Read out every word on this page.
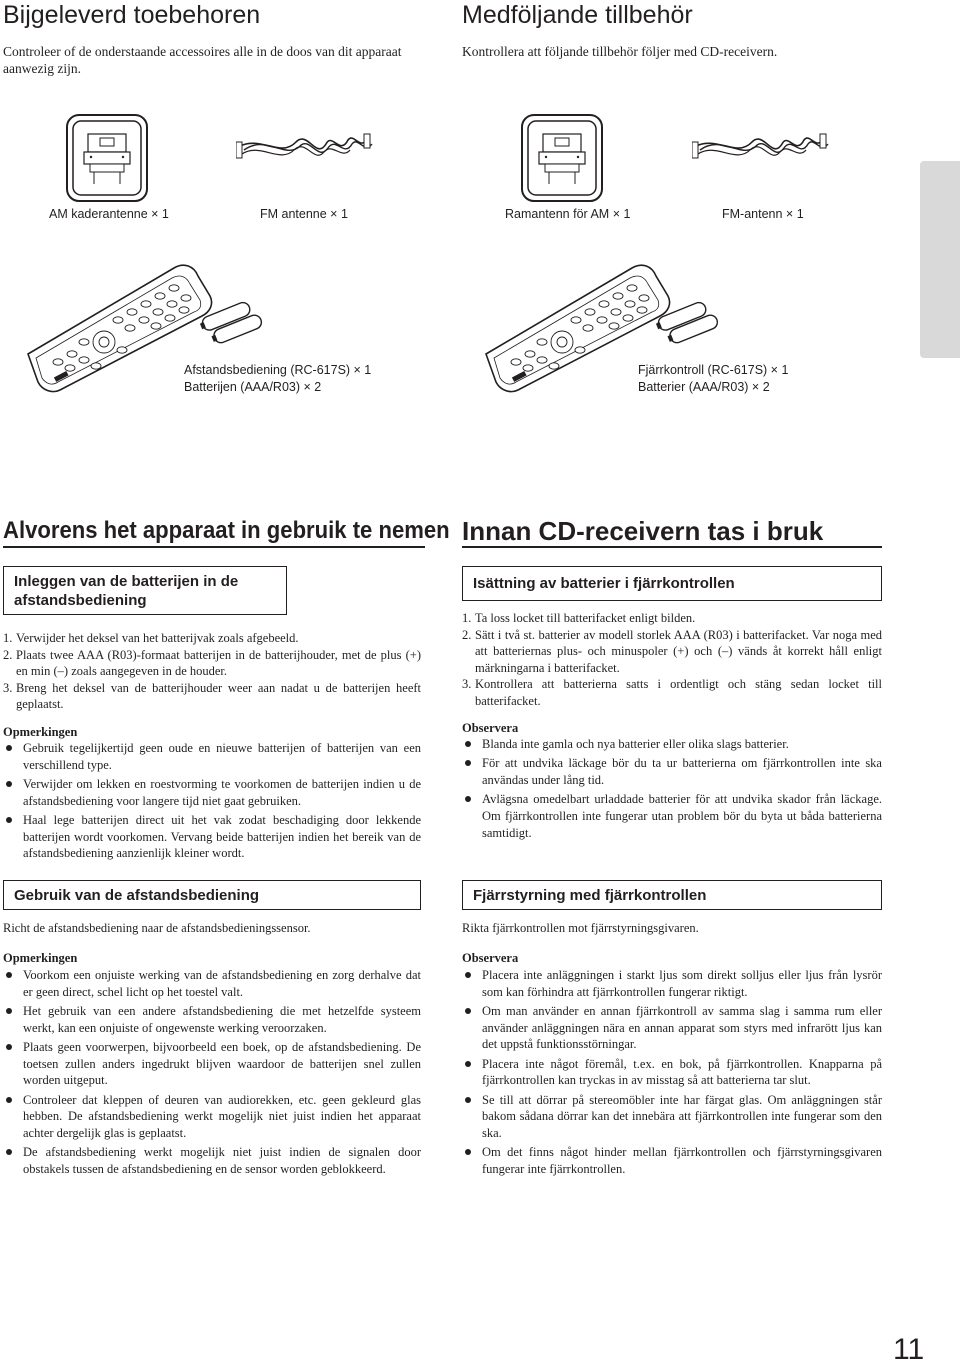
Bijgeleverd toebehoren
Controleer of de onderstaande accessoires alle in de doos van dit apparaat aanwezig zijn.
Medföljande tillbehör
Kontrollera att följande tillbehör följer med CD-receivern.
AM kaderantenne × 1	FM antenne × 1	Ramantenn för AM × 1	FM-antenn × 1
Afstandsbediening (RC-617S) × 1
Batterijen (AAA/R03) × 2
Fjärrkontroll (RC-617S) × 1
Batterier (AAA/R03) × 2
Alvorens het apparaat in gebruik te nemen
Inleggen van de batterijen in de afstandsbediening
1. Verwijder het deksel van het batterijvak zoals afgebeeld.
2. Plaats twee AAA (R03)-formaat batterijen in de batterijhouder, met de plus (+) en min (–) zoals aangegeven in de houder.
3. Breng het deksel van de batterijhouder weer aan nadat u de batterijen heeft geplaatst.
Opmerkingen
Gebruik tegelijkertijd geen oude en nieuwe batterijen of batterijen van een verschillend type.
Verwijder om lekken en roestvorming te voorkomen de batterijen indien u de afstandsbediening voor langere tijd niet gaat gebruiken.
Haal lege batterijen direct uit het vak zodat beschadiging door lekkende batterijen wordt voorkomen. Vervang beide batterijen indien het bereik van de afstandsbediening aanzienlijk kleiner wordt.
Gebruik van de afstandsbediening
Richt de afstandsbediening naar de afstandsbedieningssensor.
Opmerkingen
Voorkom een onjuiste werking van de afstandsbediening en zorg derhalve dat er geen direct, schel licht op het toestel valt.
Het gebruik van een andere afstandsbediening die met hetzelfde systeem werkt, kan een onjuiste of ongewenste werking veroorzaken.
Plaats geen voorwerpen, bijvoorbeeld een boek, op de afstandsbediening. De toetsen zullen anders ingedrukt blijven waardoor de batterijen snel zullen worden uitgeput.
Controleer dat kleppen of deuren van audiorekken, etc. geen gekleurd glas hebben. De afstandsbediening werkt mogelijk niet juist indien het apparaat achter dergelijk glas is geplaatst.
De afstandsbediening werkt mogelijk niet juist indien de signalen door obstakels tussen de afstandsbediening en de sensor worden geblokkeerd.
Innan CD-receivern tas i bruk
Isättning av batterier i fjärrkontrollen
1. Ta loss locket till batterifacket enligt bilden.
2. Sätt i två st. batterier av modell storlek AAA (R03) i batterifacket. Var noga med att batteriernas plus- och minuspoler (+) och (–) vänds åt korrekt håll enligt märkningarna i batterifacket.
3. Kontrollera att batterierna satts i ordentligt och stäng sedan locket till batterifacket.
Observera
Blanda inte gamla och nya batterier eller olika slags batterier.
För att undvika läckage bör du ta ur batterierna om fjärrkontrollen inte ska användas under lång tid.
Avlägsna omedelbart urladdade batterier för att undvika skador från läckage. Om fjärrkontrollen inte fungerar utan problem bör du byta ut båda batterierna samtidigt.
Fjärrstyrning med fjärrkontrollen
Rikta fjärrkontrollen mot fjärrstyrningsgivaren.
Observera
Placera inte anläggningen i starkt ljus som direkt solljus eller ljus från lysrör som kan förhindra att fjärrkontrollen fungerar riktigt.
Om man använder en annan fjärrkontroll av samma slag i samma rum eller använder anläggningen nära en annan apparat som styrs med infrarött ljus kan det uppstå funktionsstörningar.
Placera inte något föremål, t.ex. en bok, på fjärrkontrollen. Knapparna på fjärrkontrollen kan tryckas in av misstag så att batterierna tar slut.
Se till att dörrar på stereomöbler inte har färgat glas. Om anläggningen står bakom sådana dörrar kan det innebära att fjärrkontrollen inte fungerar som den ska.
Om det finns något hinder mellan fjärrkontrollen och fjärrstyrningsgivaren fungerar inte fjärrkontrollen.
11
